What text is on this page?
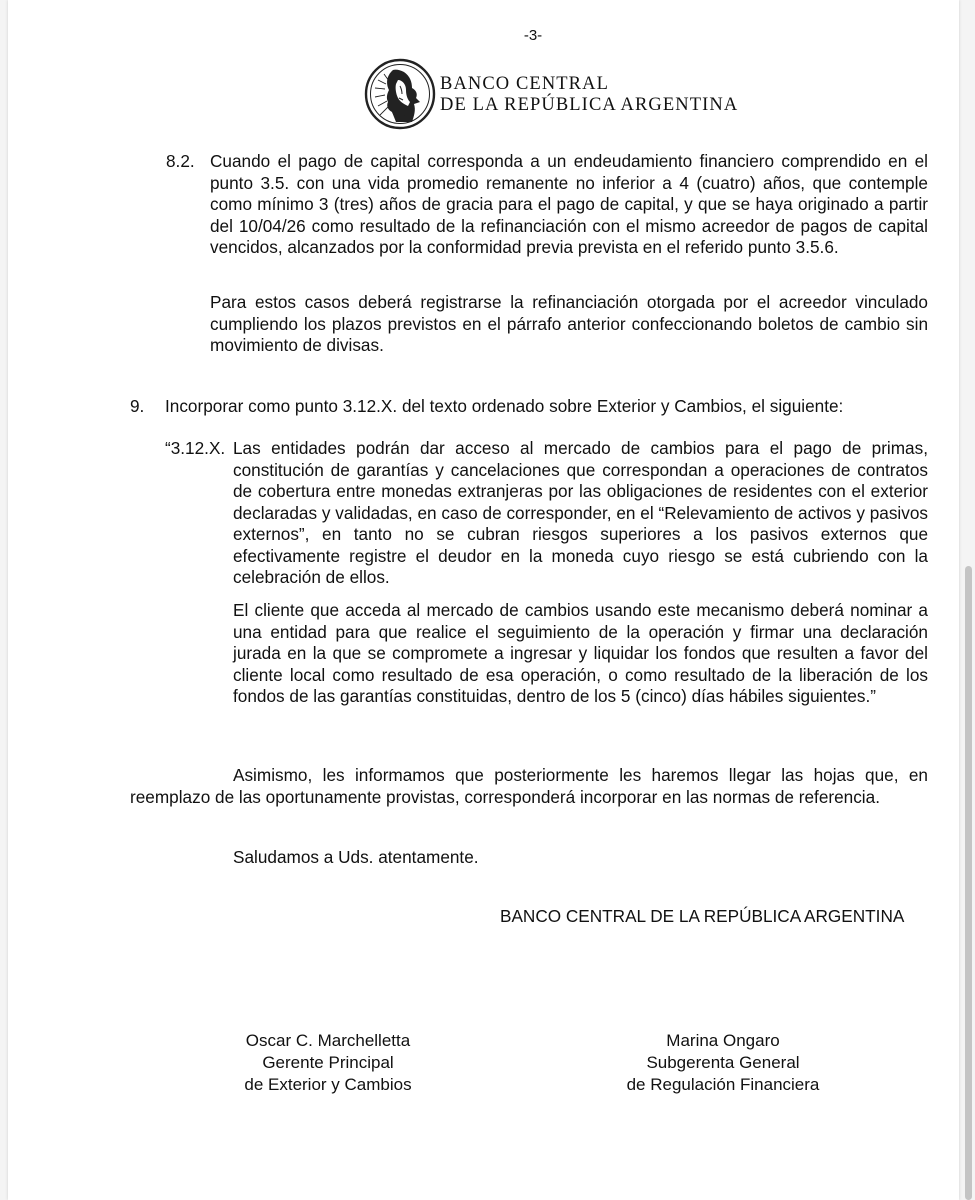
-3-
BANCO CENTRAL
DE LA REPÚBLICA ARGENTINA
8.2. Cuando el pago de capital corresponda a un endeudamiento financiero comprendido en el punto 3.5. con una vida promedio remanente no inferior a 4 (cuatro) años, que contemple como mínimo 3 (tres) años de gracia para el pago de capital, y que se haya originado a partir del 10/04/26 como resultado de la refinanciación con el mismo acreedor de pagos de capital vencidos, alcanzados por la conformidad previa prevista en el referido punto 3.5.6.
Para estos casos deberá registrarse la refinanciación otorgada por el acreedor vinculado cumpliendo los plazos previstos en el párrafo anterior confeccionando boletos de cambio sin movimiento de divisas.
9. Incorporar como punto 3.12.X. del texto ordenado sobre Exterior y Cambios, el siguiente:
“3.12.X. Las entidades podrán dar acceso al mercado de cambios para el pago de primas, constitución de garantías y cancelaciones que correspondan a operaciones de contratos de cobertura entre monedas extranjeras por las obligaciones de residentes con el exterior declaradas y validadas, en caso de corresponder, en el “Relevamiento de activos y pasivos externos”, en tanto no se cubran riesgos superiores a los pasivos externos que efectivamente registre el deudor en la moneda cuyo riesgo se está cubriendo con la celebración de ellos.
El cliente que acceda al mercado de cambios usando este mecanismo deberá nominar a una entidad para que realice el seguimiento de la operación y firmar una declaración jurada en la que se compromete a ingresar y liquidar los fondos que resulten a favor del cliente local como resultado de esa operación, o como resultado de la liberación de los fondos de las garantías constituidas, dentro de los 5 (cinco) días hábiles siguientes.”
Asimismo, les informamos que posteriormente les haremos llegar las hojas que, en reemplazo de las oportunamente provistas, corresponderá incorporar en las normas de referencia.
Saludamos a Uds. atentamente.
BANCO CENTRAL DE LA REPÚBLICA ARGENTINA
Oscar C. Marchelletta
Gerente Principal
de Exterior y Cambios
Marina Ongaro
Subgerenta General
de Regulación Financiera
